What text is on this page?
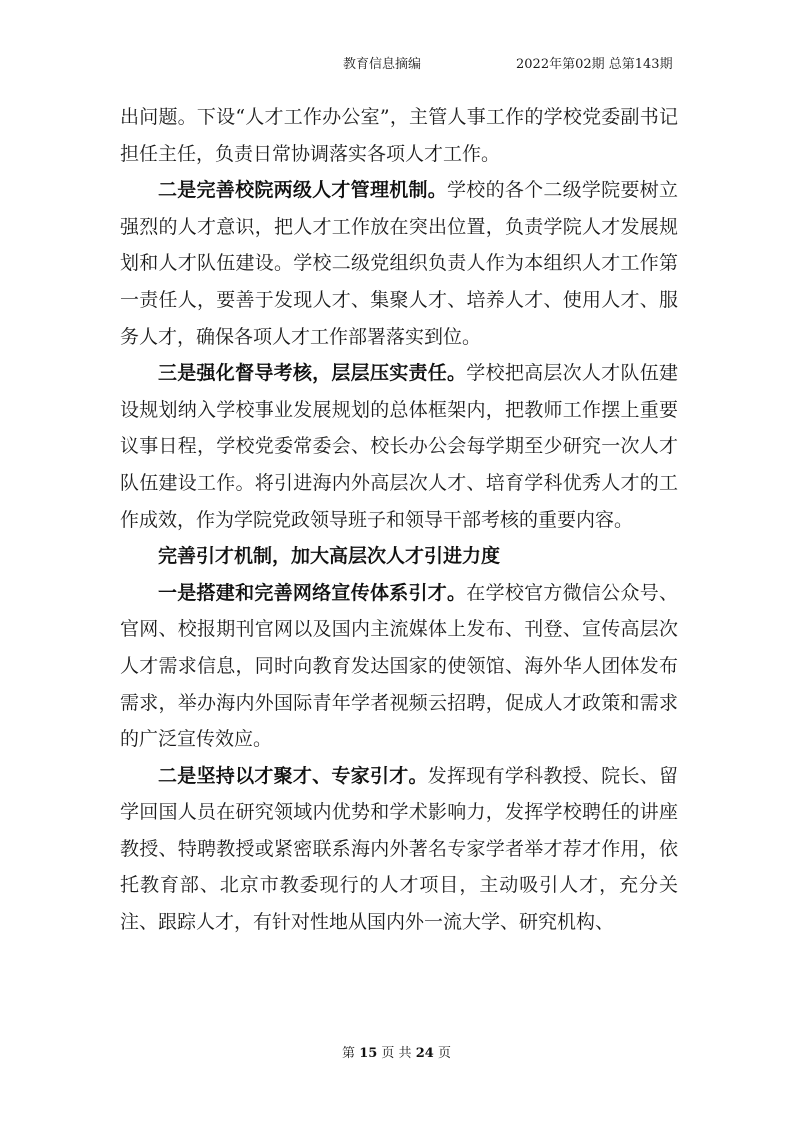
教育信息摘编	2022年第02期 总第143期

出问题。下设“人才工作办公室”，主管人事工作的学校党委副书记担任主任，负责日常协调落实各项人才工作。

二是完善校院两级人才管理机制。学校的各个二级学院要树立强烈的人才意识，把人才工作放在突出位置，负责学院人才发展规划和人才队伍建设。学校二级党组织负责人作为本组织人才工作第一责任人，要善于发现人才、集聚人才、培养人才、使用人才、服务人才，确保各项人才工作部署落实到位。

三是强化督导考核，层层压实责任。学校把高层次人才队伍建设规划纳入学校事业发展规划的总体框架内，把教师工作摆上重要议事日程，学校党委常委会、校长办公会每学期至少研究一次人才队伍建设工作。将引进海内外高层次人才、培育学科优秀人才的工作成效，作为学院党政领导班子和领导干部考核的重要内容。

完善引才机制，加大高层次人才引进力度

一是搭建和完善网络宣传体系引才。在学校官方微信公众号、官网、校报期刊官网以及国内主流媒体上发布、刊登、宣传高层次人才需求信息，同时向教育发达国家的使领馆、海外华人团体发布需求，举办海内外国际青年学者视频云招聘，促成人才政策和需求的广泛宣传效应。

二是坚持以才聚才、专家引才。发挥现有学科教授、院长、留学回国人员在研究领域内优势和学术影响力，发挥学校聘任的讲座教授、特聘教授或紧密联系海内外著名专家学者举才荐才作用，依托教育部、北京市教委现行的人才项目，主动吸引人才，充分关注、跟踪人才，有针对性地从国内外一流大学、研究机构、

第 15 页 共 24 页
